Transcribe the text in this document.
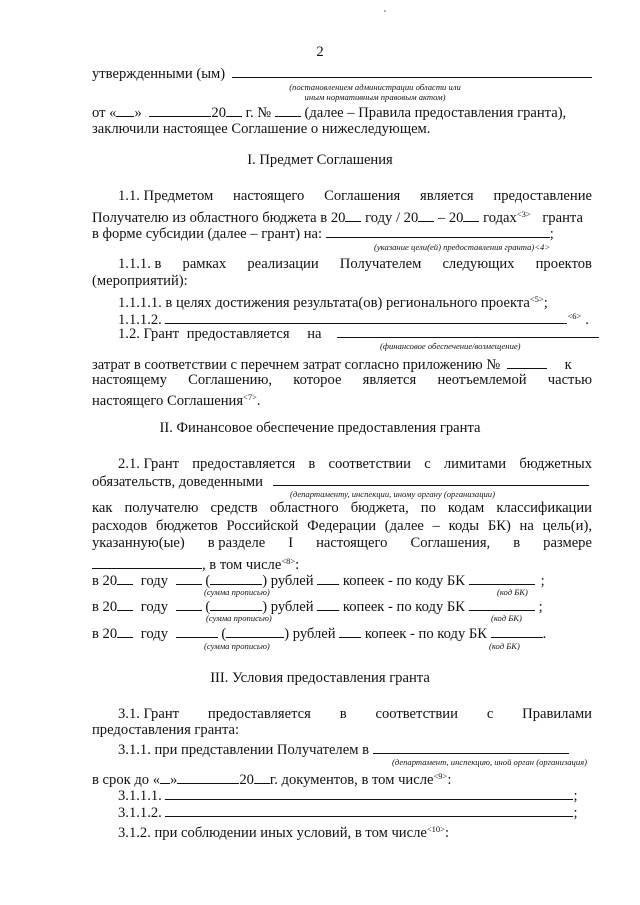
2
утвержденными (ым)
(постановлением администрации области или
иным нормативным правовым актом)
от « »	20 г. № (далее – Правила предоставления гранта),
заключили настоящее Соглашение о нижеследующем.
I. Предмет Соглашения
1.1. Предметом настоящего Соглашения является предоставление
Получателю из областного бюджета в 20 году / 20 – 20 годах$^{<3>}$ гранта
в форме субсидии (далее – грант) на:	;
(указание цели(ей) предоставления гранта)<4>
1.1.1. в рамках реализации Получателем следующих проектов
(мероприятий):
1.1.1.1. в целях достижения результата(ов) регионального проекта$^{<5>}$;
1.1.1.2.	$^{<6>}$ .
1.2. Грант предоставляется на
(финансовое обеспечение/возмещение)
затрат в соответствии с перечнем затрат согласно приложению №	к
настоящему Соглашению, которое является неотъемлемой частью
настоящего Соглашения$^{<7>}$.
II. Финансовое обеспечение предоставления гранта
2.1. Грант предоставляется в соответствии с лимитами бюджетных
обязательств, доведенными
(департаменту, инспекции, иному органу (организации)
как получателю средств областного бюджета, по кодам классификации
расходов бюджетов Российской Федерации (далее – коды БК) на цель(и),
указанную(ые) в разделе I настоящего Соглашения, в размере
, в том числе$^{<8>}$:
в 20 году	(	) рублей копеек - по коду БК	;
(сумма прописью)	(код БК)
в 20 году	(	) рублей копеек - по коду БК	;
(сумма прописью)	(код БК)
в 20 году	(	) рублей копеек - по коду БК	.
(сумма прописью)	(код БК)
III. Условия предоставления гранта
3.1. Грант предоставляется в соответствии с Правилами
предоставления гранта:
3.1.1. при представлении Получателем в
(департамент, инспекцию, иной орган (организация)
в срок до « »	20 г. документов, в том числе$^{<9>}$:
3.1.1.1.	;
3.1.1.2.	;
3.1.2. при соблюдении иных условий, в том числе$^{<10>}$:
